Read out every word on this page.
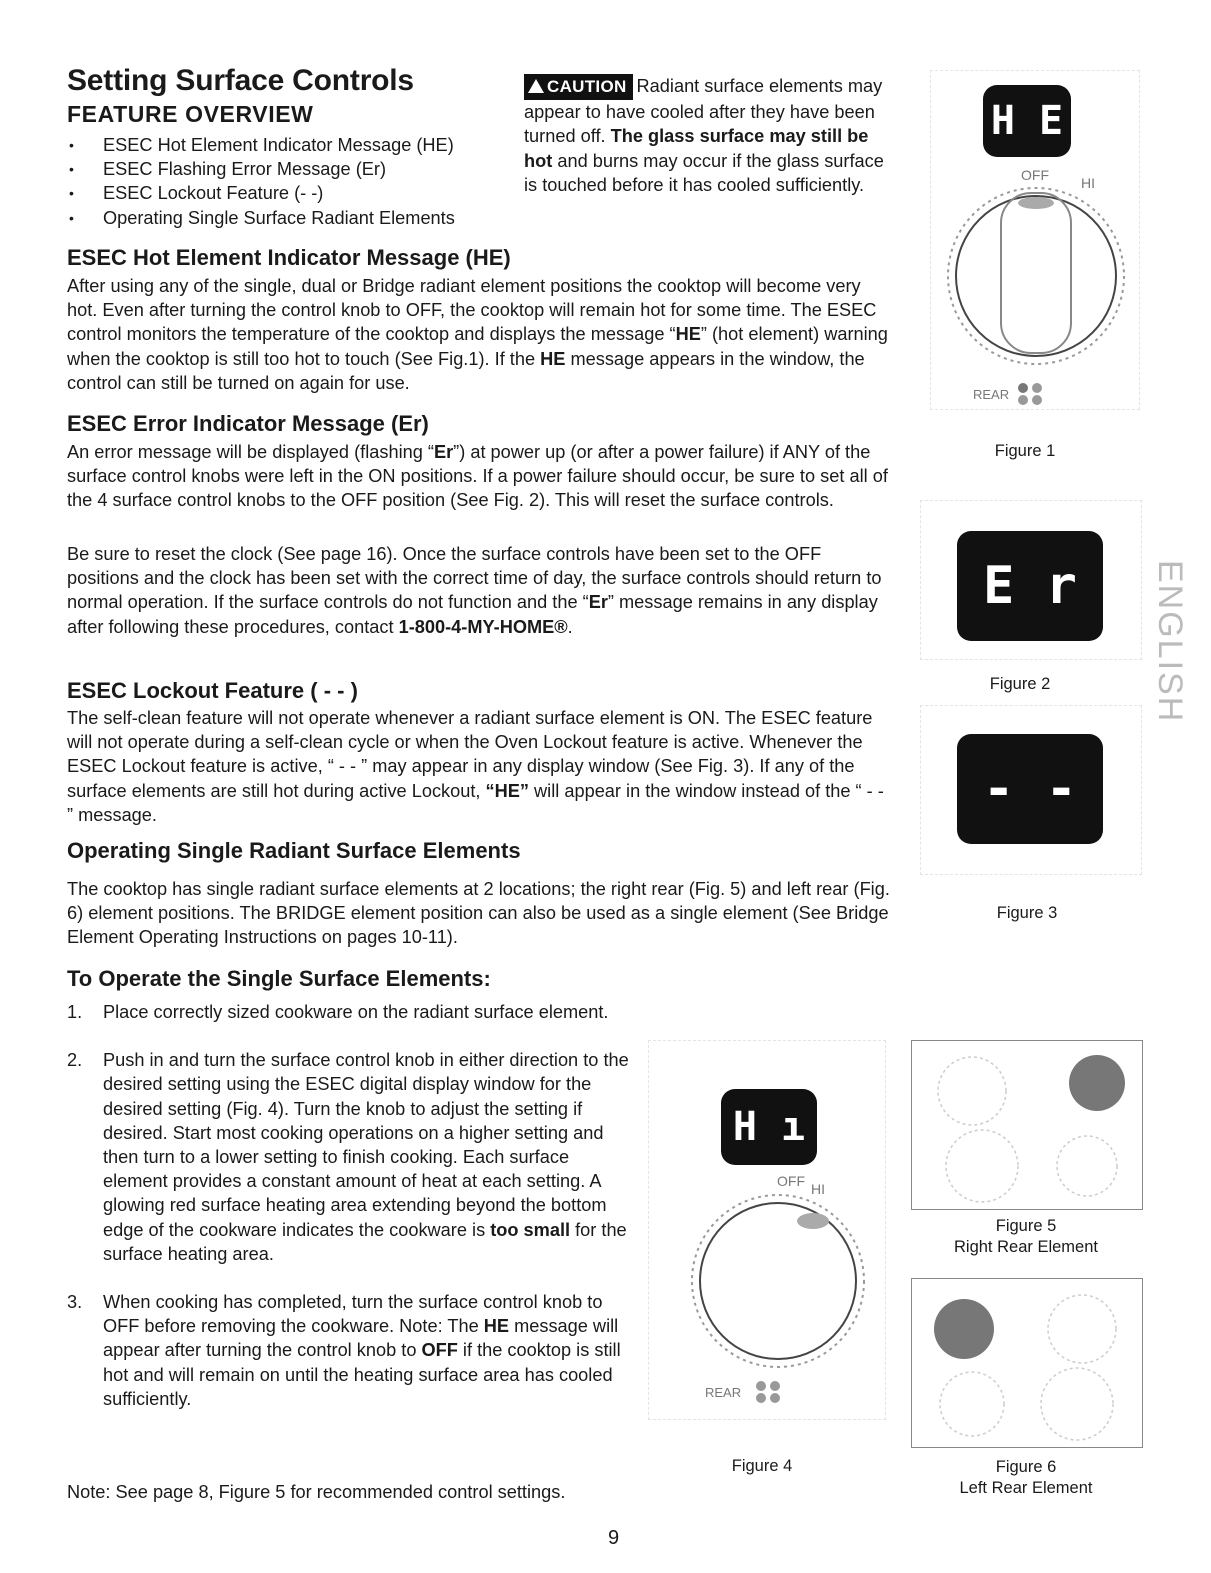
Setting Surface Controls
FEATURE OVERVIEW
• ESEC Hot Element Indicator Message (HE)
• ESEC Flashing Error Message (Er)
• ESEC Lockout Feature (- -)
• Operating Single Surface Radiant Elements

CAUTION Radiant surface elements may appear to have cooled after they have been turned off. The glass surface may still be hot and burns may occur if the glass surface is touched before it has cooled sufficiently.

ESEC Hot Element Indicator Message (HE)

After using any of the single, dual or Bridge radiant element positions the cooktop will become very hot. Even after turning the control knob to OFF, the cooktop will remain hot for some time. The ESEC control monitors the temperature of the cooktop and displays the message “HE” (hot element) warning when the cooktop is still too hot to touch (See Fig.1). If the HE message appears in the window, the control can still be turned on again for use.

ESEC Error Indicator Message (Er)

An error message will be displayed (flashing “Er”) at power up (or after a power failure) if ANY of the surface control knobs were left in the ON positions. If a power failure should occur, be sure to set all of the 4 surface control knobs to the OFF position (See Fig. 2). This will reset the surface controls.

Be sure to reset the clock (See page 16). Once the surface controls have been set to the OFF positions and the clock has been set with the correct time of day, the surface controls should return to normal operation. If the surface controls do not function and the “Er” message remains in any display after following these procedures, contact 1-800-4-MY-HOME®.

ESEC Lockout Feature ( - - )

The self-clean feature will not operate whenever a radiant surface element is ON. The ESEC feature will not operate during a self-clean cycle or when the Oven Lockout feature is active. Whenever the ESEC Lockout feature is active, “ - - ” may appear in any display window (See Fig. 3). If any of the surface elements are still hot during active Lockout, “HE” will appear in the window instead of the “ - - ” message.

Operating Single Radiant Surface Elements

The cooktop has single radiant surface elements at 2 locations; the right rear (Fig. 5) and left rear (Fig. 6) element positions. The BRIDGE element position can also be used as a single element (See Bridge Element Operating Instructions on pages 10-11).

To Operate the Single Surface Elements:
1. Place correctly sized cookware on the radiant surface element.
2. Push in and turn the surface control knob in either direction to the desired setting using the ESEC digital display window for the desired setting (Fig. 4). Turn the knob to adjust the setting if desired. Start most cooking operations on a higher setting and then turn to a lower setting to finish cooking. Each surface element provides a constant amount of heat at each setting. A glowing red surface heating area extending beyond the bottom edge of the cookware indicates the cookware is too small for the surface heating area.
3. When cooking has completed, turn the surface control knob to OFF before removing the cookware. Note: The HE message will appear after turning the control knob to OFF if the cooktop is still hot and will remain on until the heating surface area has cooled sufficiently.

Note: See page 8, Figure 5 for recommended control settings.

H E
OFF HI
REAR
Figure 1
E r
Figure 2	ENGLISH
- -
Figure 3
H ı
OFF HI
REAR
Figure 4
Figure 5
Right Rear Element
Figure 6
Left Rear Element
9
